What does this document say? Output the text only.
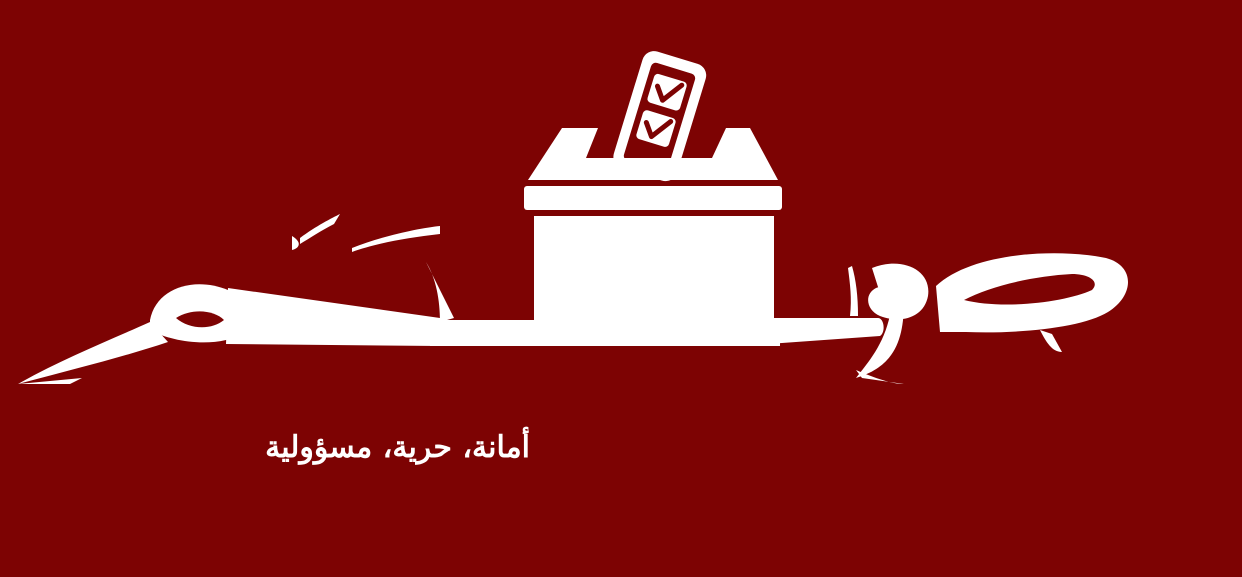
أمانة، حرية، مسؤولية
